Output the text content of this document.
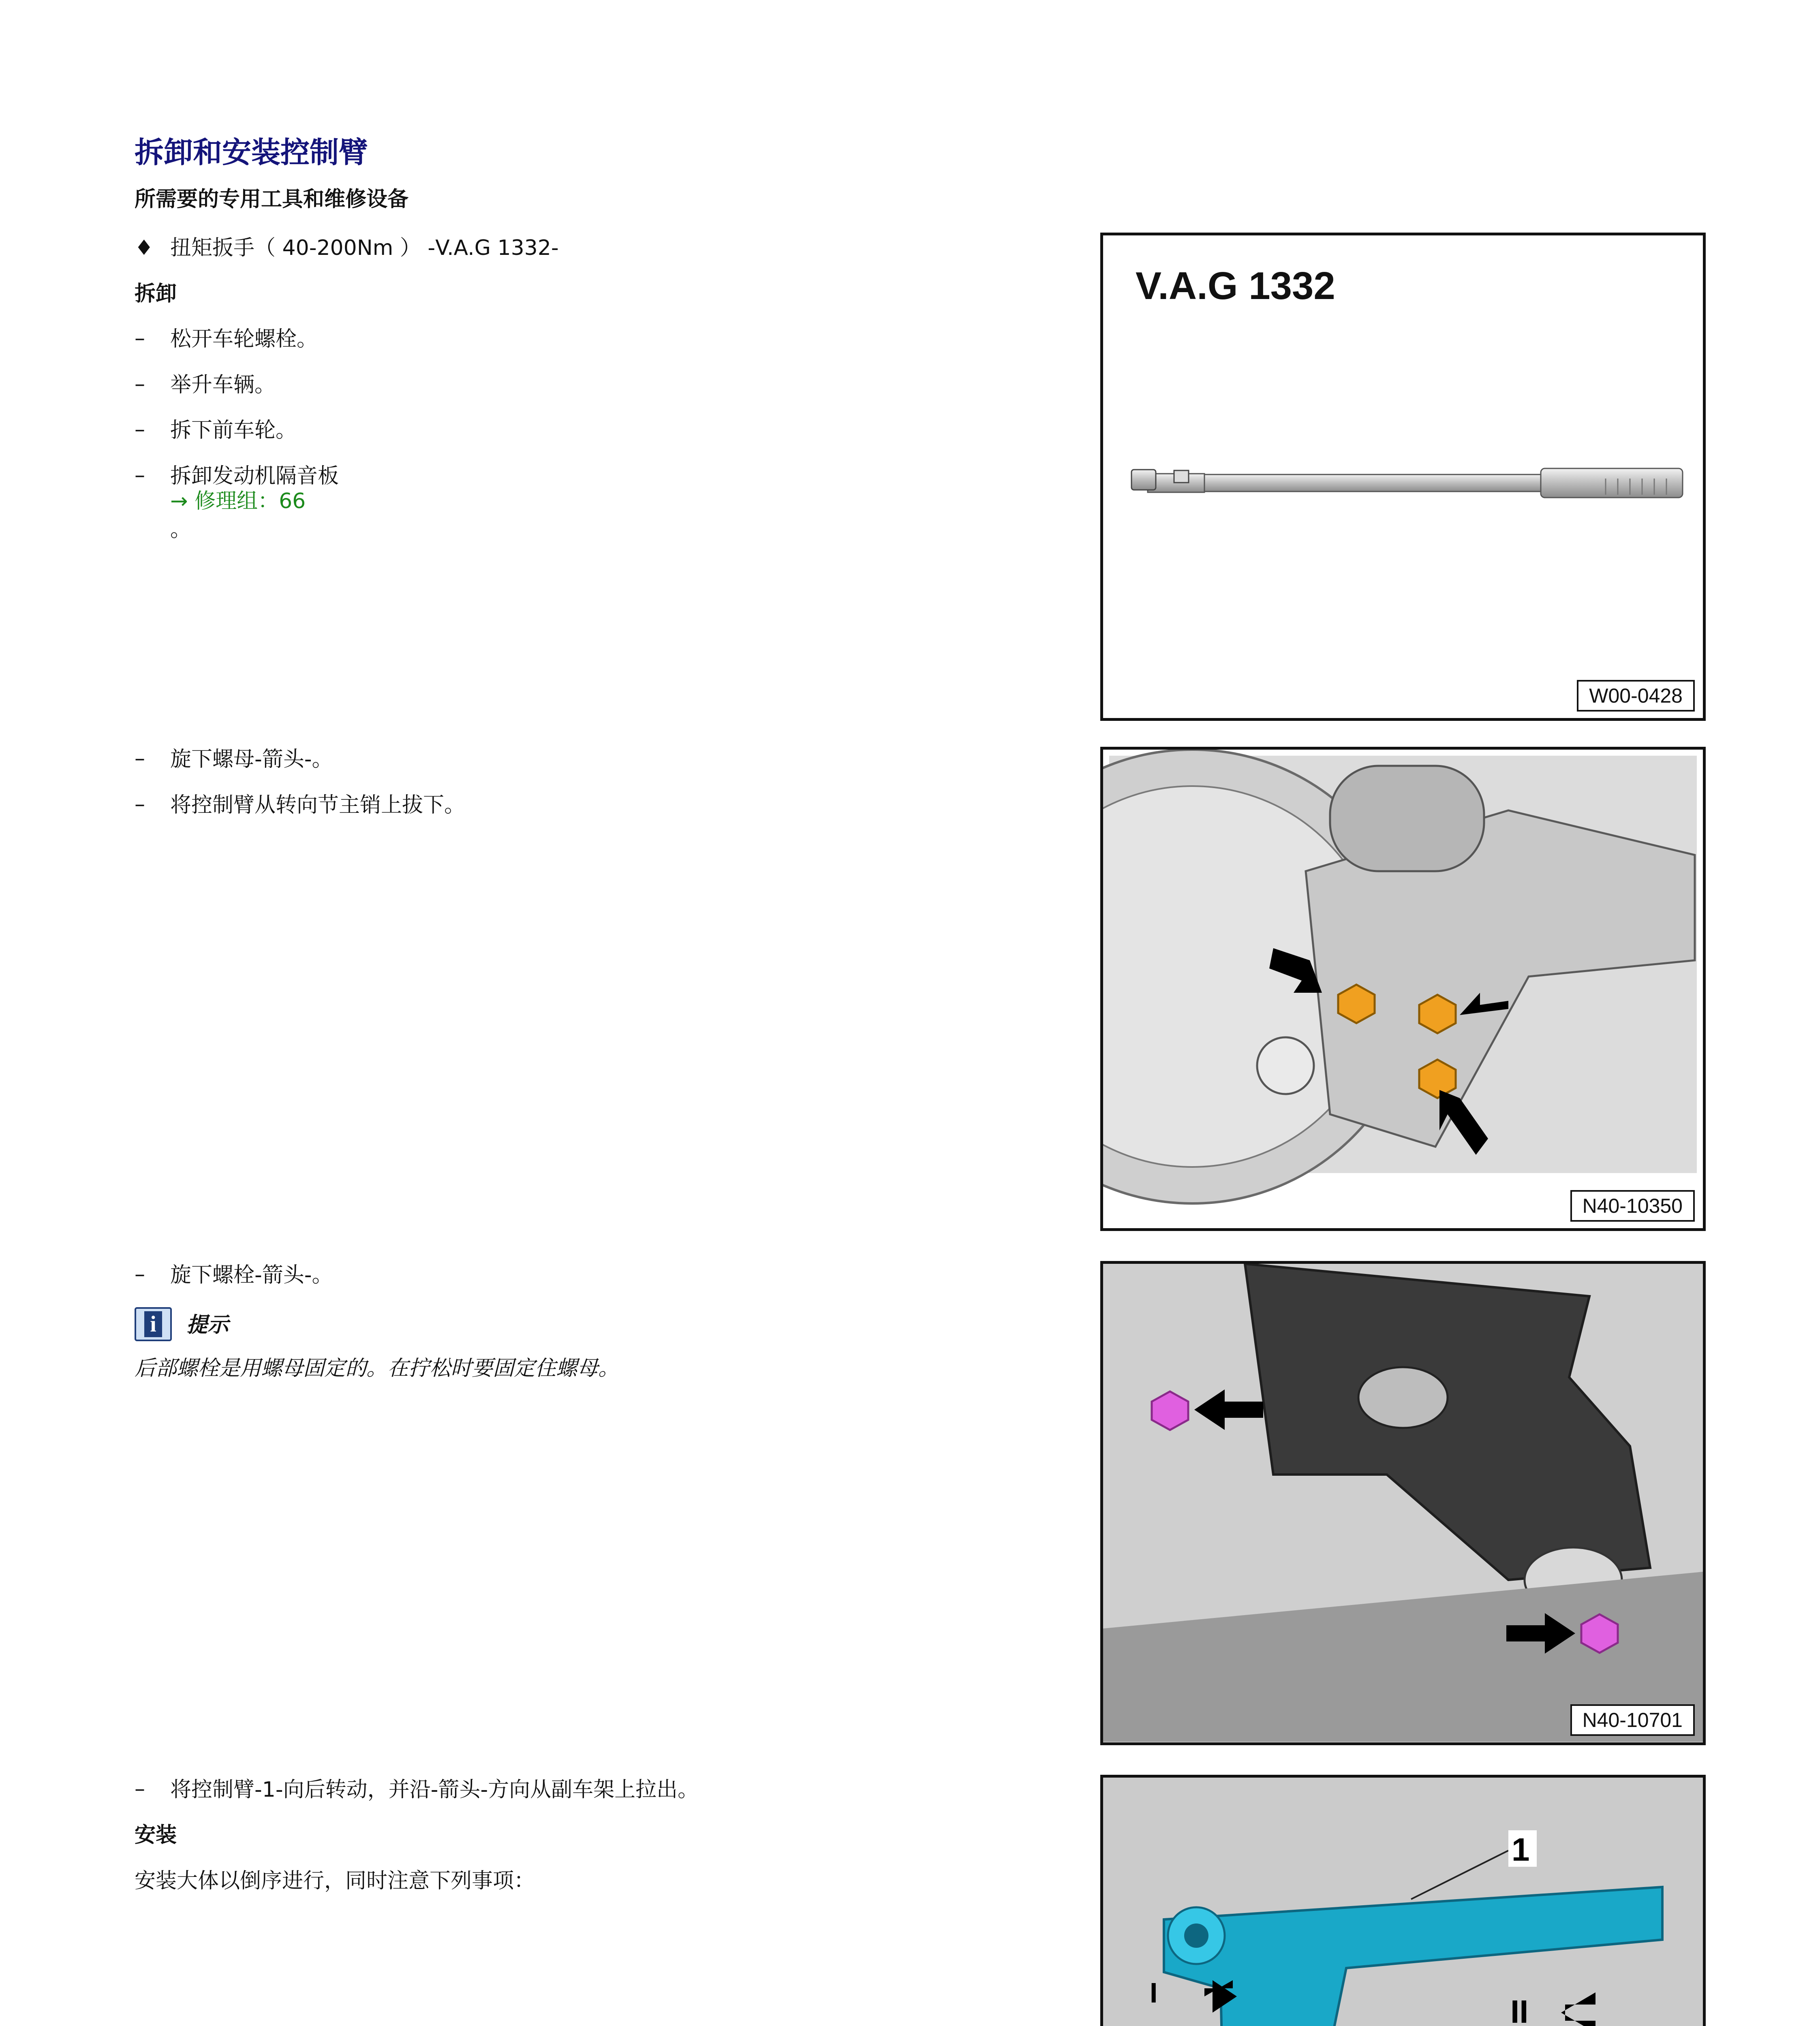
拆卸和安装控制臂
所需要的专用工具和维修设备
♦ 扭矩扳手（ 40-200Nm ） -V.A.G 1332-
拆卸
– 松开车轮螺栓。
– 举升车辆。
– 拆下前车轮。
– 拆卸发动机隔音板
→ 修理组：66
。
– 旋下螺母-箭头-。
– 将控制臂从转向节主销上拔下。
– 旋下螺栓-箭头-。
i 提示
后部螺栓是用螺母固定的。在拧松时要固定住螺母。
– 将控制臂-1-向后转动，并沿-箭头-方向从副车架上拉出。
安装
安装大体以倒序进行，同时注意下列事项：
V.A.G 1332
W00-0428
N40-10350
N40-10701
1
II
I
